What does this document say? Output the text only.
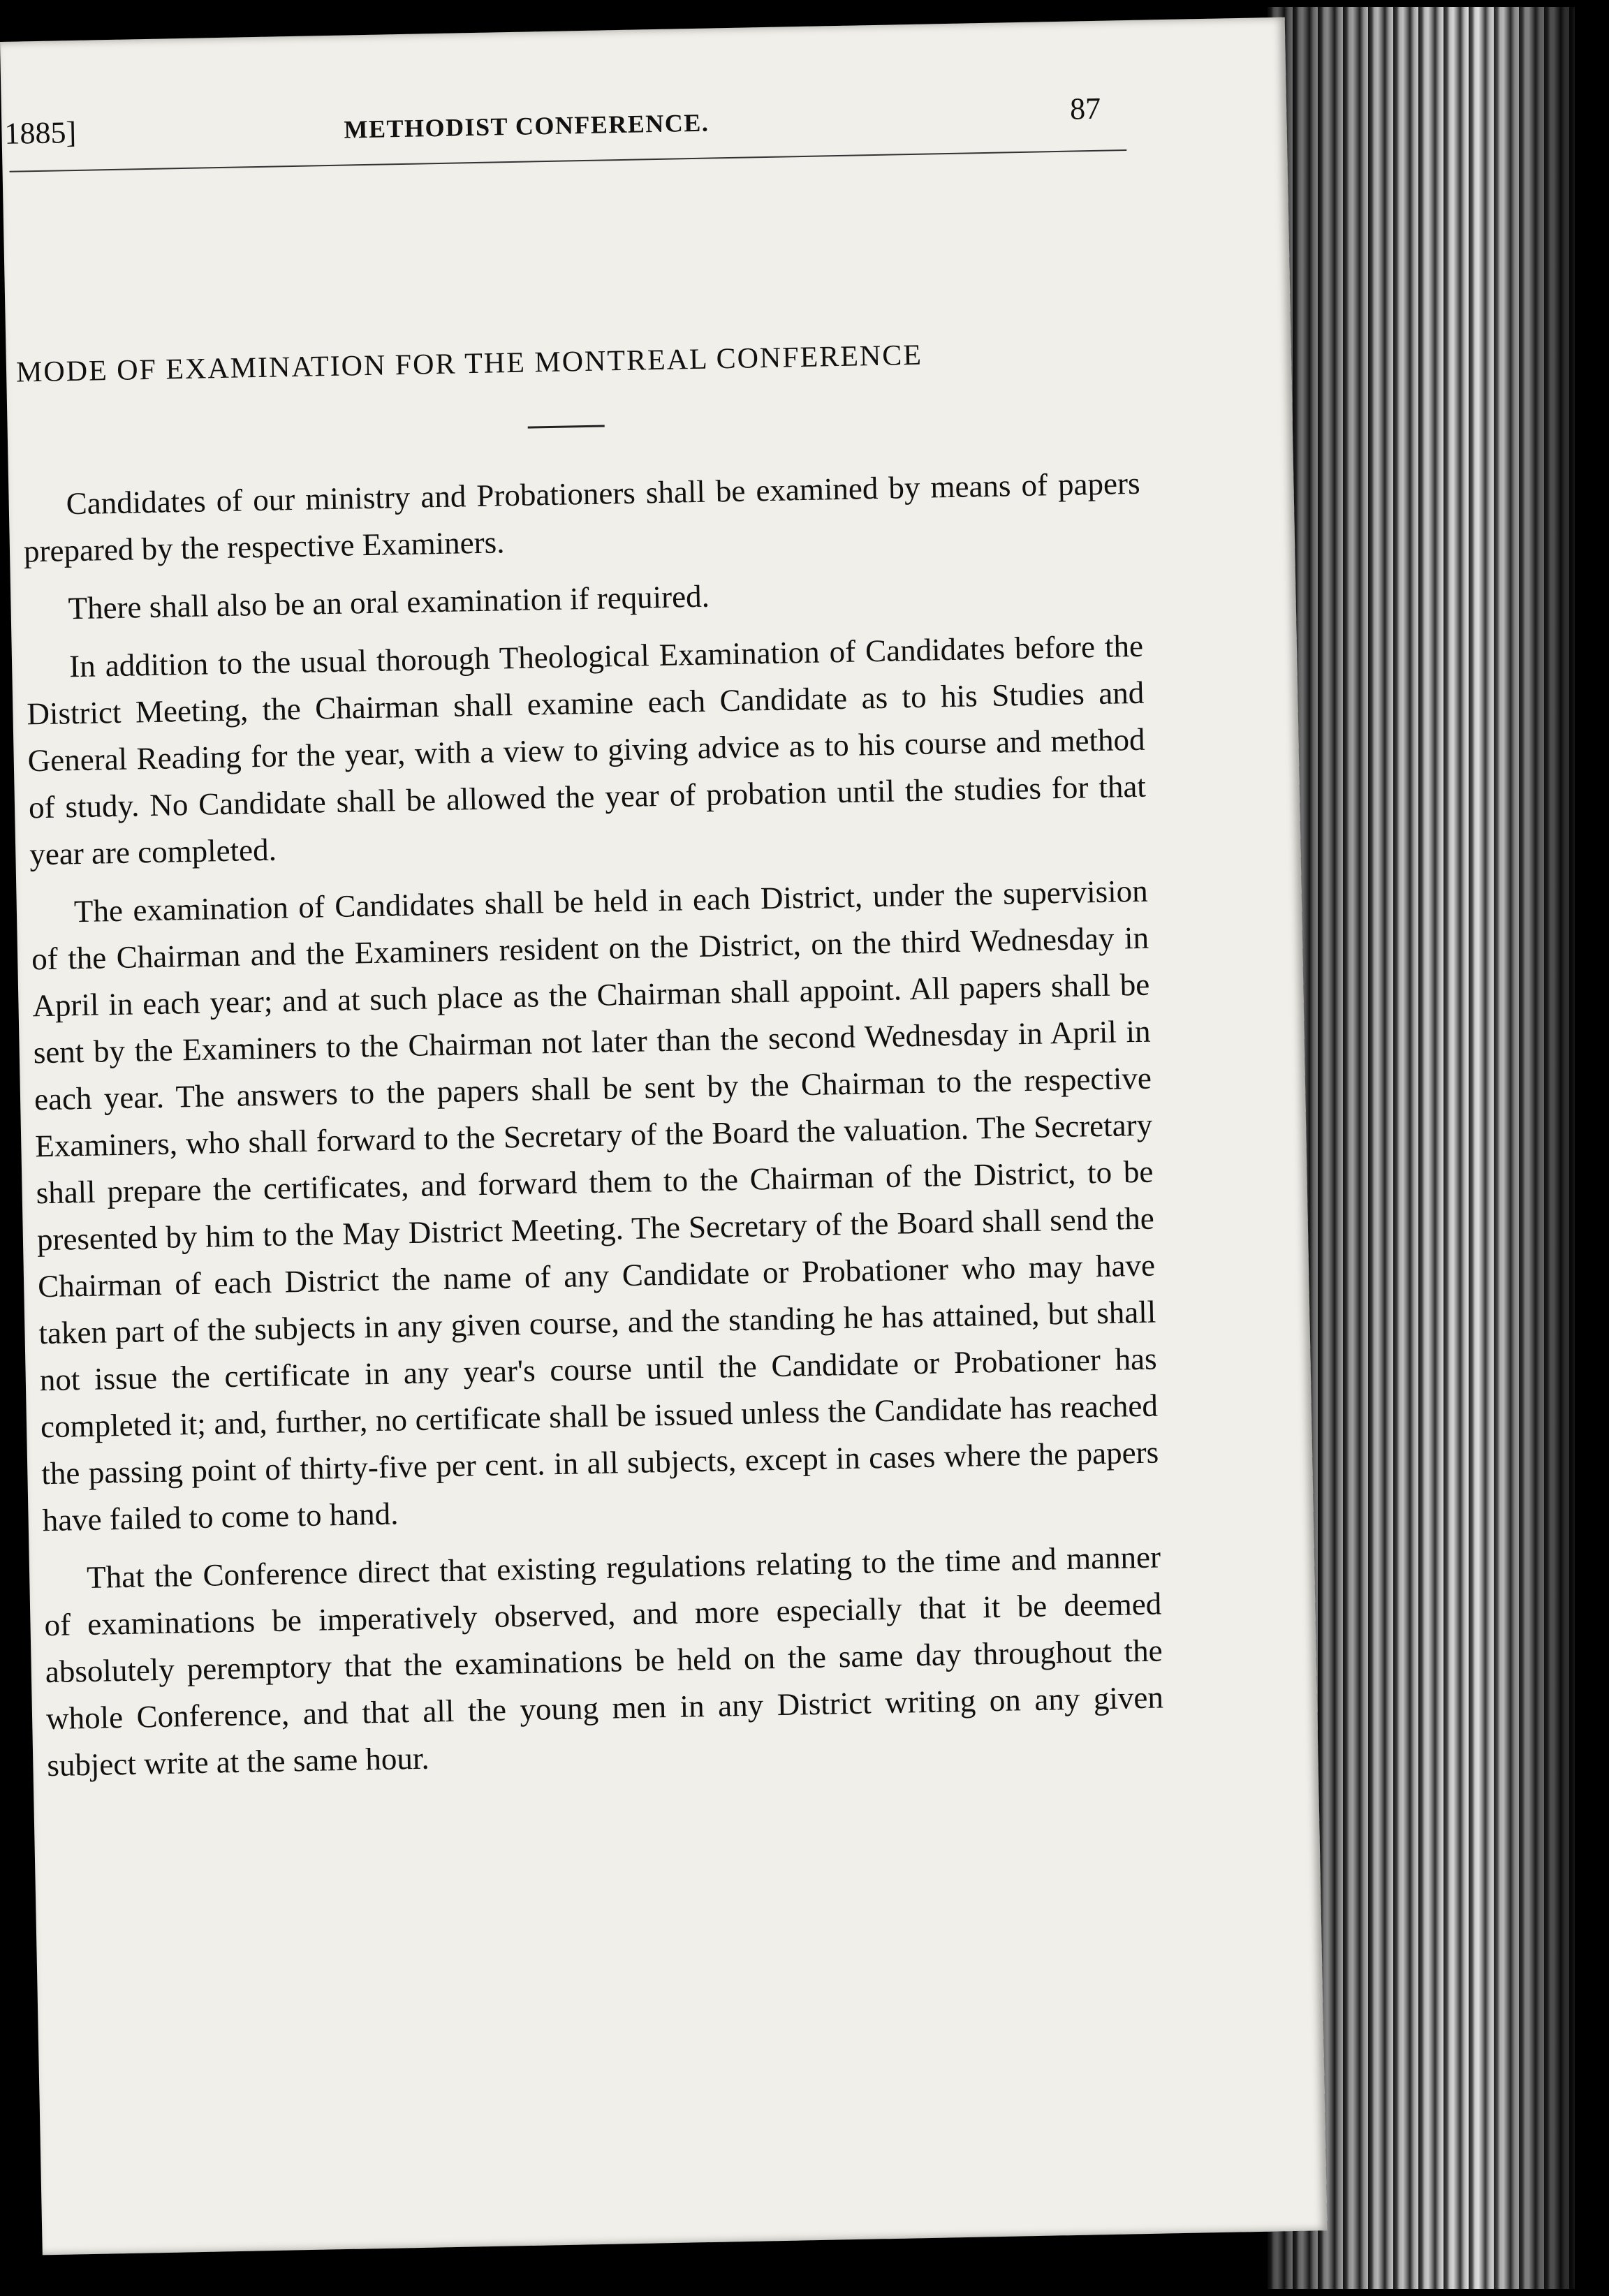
1885]	METHODIST CONFERENCE.	87
MODE OF EXAMINATION FOR THE MONTREAL CONFERENCE

Candidates of our ministry and Probationers shall be examined by means of papers prepared by the respective Examiners.

There shall also be an oral examination if required.

In addition to the usual thorough Theological Examination of Candidates before the District Meeting, the Chairman shall examine each Candidate as to his Studies and General Reading for the year, with a view to giving advice as to his course and method of study. No Candidate shall be allowed the year of probation until the studies for that year are completed.

The examination of Candidates shall be held in each District, under the supervision of the Chairman and the Examiners resident on the District, on the third Wednesday in April in each year; and at such place as the Chairman shall appoint. All papers shall be sent by the Examiners to the Chairman not later than the second Wednesday in April in each year. The answers to the papers shall be sent by the Chairman to the respective Examiners, who shall forward to the Secretary of the Board the valuation. The Secretary shall prepare the certificates, and forward them to the Chairman of the District, to be presented by him to the May District Meeting. The Secretary of the Board shall send the Chairman of each District the name of any Candidate or Probationer who may have taken part of the subjects in any given course, and the standing he has attained, but shall not issue the certificate in any year's course until the Candidate or Probationer has completed it; and, further, no certificate shall be issued unless the Candidate has reached the passing point of thirty-five per cent. in all subjects, except in cases where the papers have failed to come to hand.

That the Conference direct that existing regulations relating to the time and manner of examinations be imperatively observed, and more especially that it be deemed absolutely peremptory that the examinations be held on the same day throughout the whole Conference, and that all the young men in any District writing on any given subject write at the same hour.
